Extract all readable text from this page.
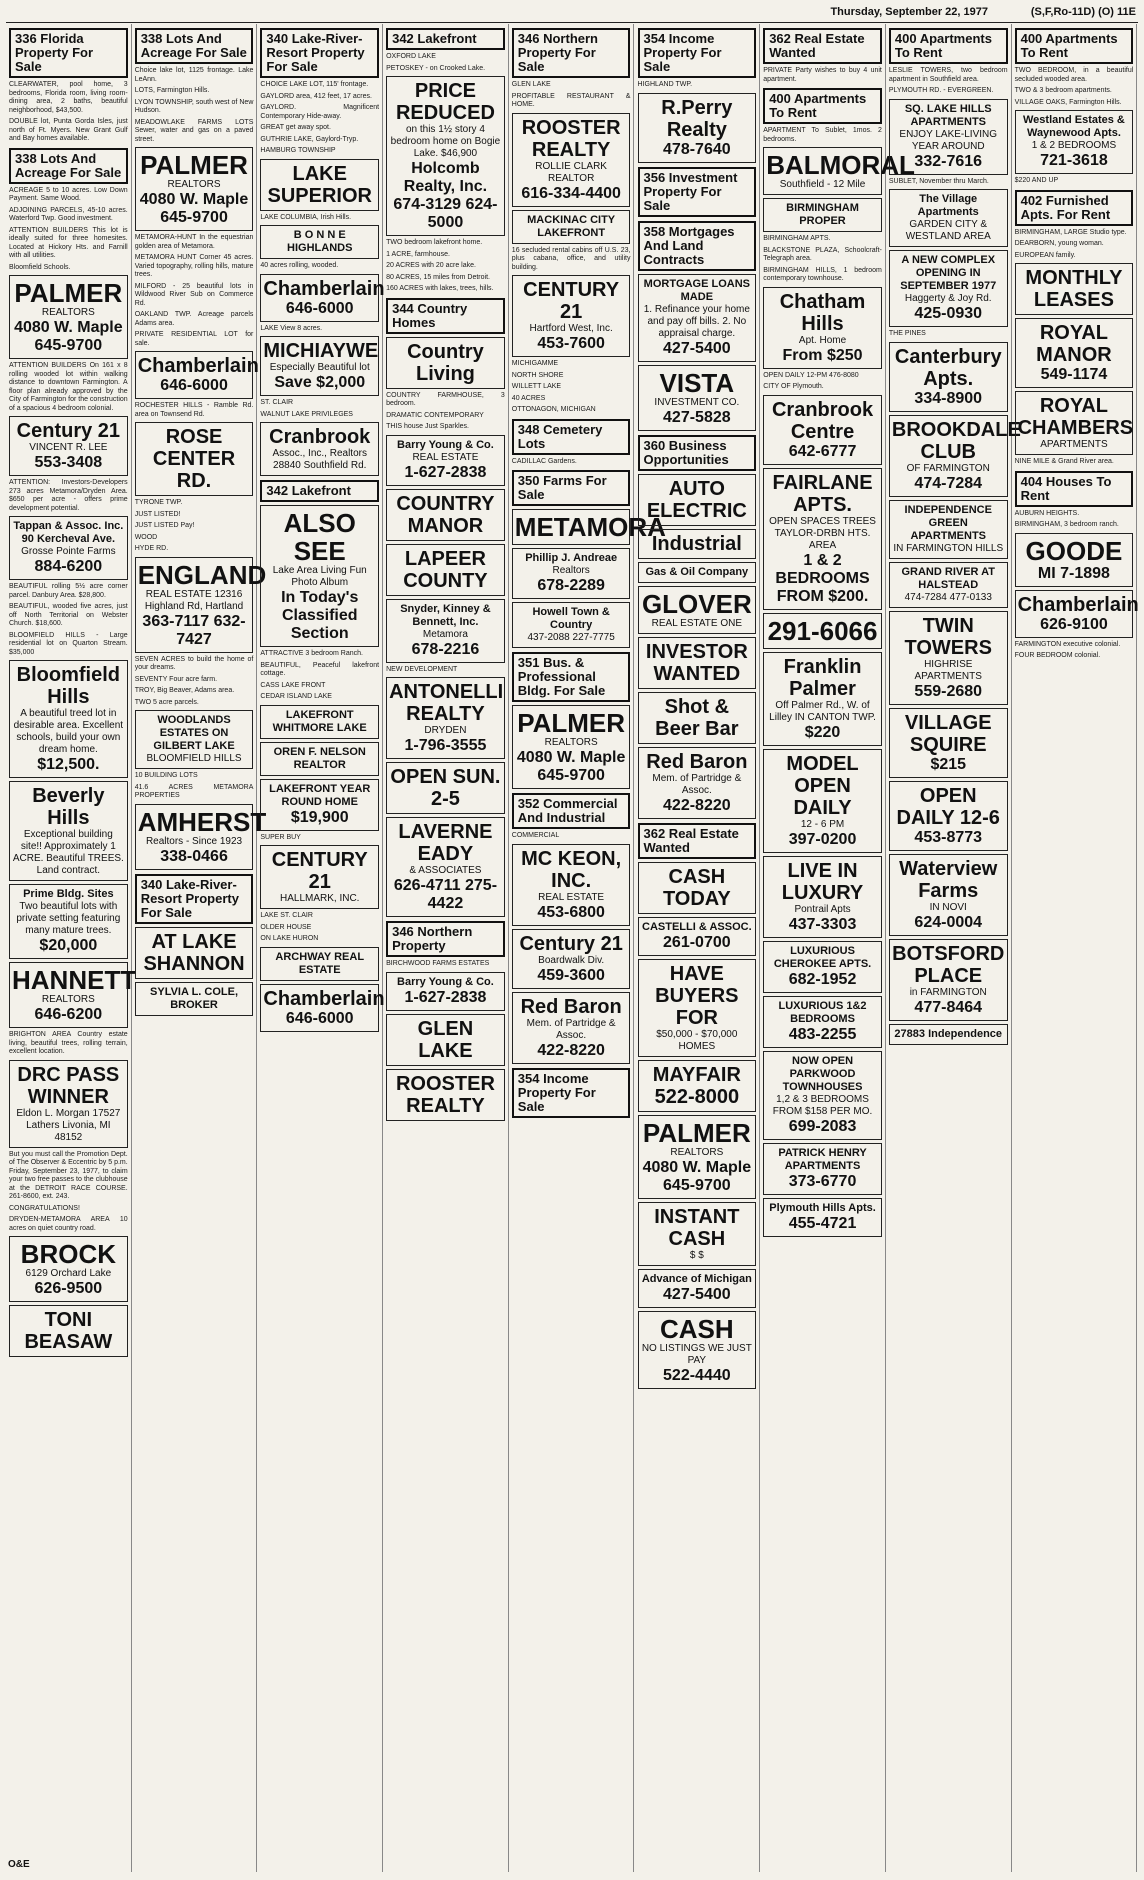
Thursday, September 22, 1977	(S,F,Ro-11D) (O) 11E
336 Florida Property For Sale
CLEARWATER, pool home, 3 bedrooms, Florida room, living room-dining area, 2 baths, beautiful neighborhood, $43,500.
DOUBLE lot, Punta Gorda Isles, just north of Ft. Myers. New Grant Gulf and Bay homes available.
338 Lots And Acreage For Sale
ACREAGE 5 to 10 acres. Low Down Payment. Same Wood.
ADJOINING PARCELS, 45-10 acres. Waterford Twp. Good investment.
ATTENTION BUILDERS This lot is ideally suited for three homesites. Located at Hickory Hts. and Farnill with all utilities.
Bloomfield Schools.
PALMER
REALTORS
4080 W. Maple 645-9700
ATTENTION BUILDERS On 161 x 8 rolling wooded lot within walking distance to downtown Farmington. A floor plan already approved by the City of Farmington for the construction of a spacious 4 bedroom colonial.
Century 21
VINCENT R. LEE
553-3408
ATTENTION: Investors-Developers 273 acres Metamora/Dryden Area. $650 per acre - offers prime development potential.
Tappan & Assoc. Inc. 90 Kercheval Ave.
Grosse Pointe Farms
884-6200
BEAUTIFUL rolling 5½ acre corner parcel. Danbury Area. $28,800.
BEAUTIFUL, wooded five acres, just off North Territorial on Webster Church. $18,600.
BLOOMFIELD HILLS - Large residential lot on Quarton Stream. $35,000
Bloomfield Hills
A beautiful treed lot in desirable area. Excellent schools, build your own dream home.
$12,500.
Beverly Hills
Exceptional building site!! Approximately 1 ACRE. Beautiful TREES. Land contract.
Prime Bldg. Sites
Two beautiful lots with private setting featuring many mature trees.
$20,000
HANNETT
REALTORS
646-6200
BRIGHTON AREA Country estate living, beautiful trees, rolling terrain, excellent location.
DRC PASS WINNER
Eldon L. Morgan 17527 Lathers Livonia, MI 48152
But you must call the Promotion Dept. of The Observer & Eccentric by 5 p.m. Friday, September 23, 1977, to claim your two free passes to the clubhouse at the DETROIT RACE COURSE. 261-8600, ext. 243.
CONGRATULATIONS!
DRYDEN-METAMORA AREA 10 acres on quiet country road.
BROCK
6129 Orchard Lake
626-9500
TONI BEASAW
338 Lots And Acreage For Sale
Choice lake lot, 1125 frontage. Lake LeAnn.
LOTS, Farmington Hills.
LYON TOWNSHIP, south west of New Hudson.
MEADOWLAKE FARMS LOTS Sewer, water and gas on a paved street.
PALMER
REALTORS
4080 W. Maple 645-9700
METAMORA-HUNT In the equestrian golden area of Metamora.
METAMORA HUNT Corner 45 acres. Varied topography, rolling hills, mature trees.
MILFORD - 25 beautiful lots in Wildwood River Sub on Commerce Rd.
OAKLAND TWP. Acreage parcels Adams area.
PRIVATE RESIDENTIAL LOT for sale.
Chamberlain
646-6000
ROCHESTER HILLS - Ramble Rd. area on Townsend Rd.
ROSE CENTER RD.
TYRONE TWP.
JUST LISTED!
JUST LISTED Pay!
WOOD
HYDE RD.
ENGLAND
REAL ESTATE 12316 Highland Rd, Hartland
363-7117 632-7427
SEVEN ACRES to build the home of your dreams.
SEVENTY Four acre farm.
TROY, Big Beaver, Adams area.
TWO 5 acre parcels.
WOODLANDS ESTATES ON GILBERT LAKE
BLOOMFIELD HILLS
10 BUILDING LOTS
41.6 ACRES METAMORA PROPERTIES
AMHERST
Realtors - Since 1923
338-0466
340 Lake-River-Resort Property For Sale
AT LAKE SHANNON
SYLVIA L. COLE, BROKER
340 Lake-River-Resort Property For Sale
CHOICE LAKE LOT, 115' frontage.
GAYLORD area, 412 feet, 17 acres.
GAYLORD. Magnificent Contemporary Hide-away.
GREAT get away spot.
GUTHRIE LAKE, Gaylord-Tryp.
HAMBURG TOWNSHIP
LAKE SUPERIOR
LAKE COLUMBIA, Irish Hills.
B O N N E HIGHLANDS
40 acres rolling, wooded.
Chamberlain
646-6000
LAKE View 8 acres.
MICHIAYWE
Especially Beautiful lot
Save $2,000
ST. CLAIR
WALNUT LAKE PRIVILEGES
Cranbrook
Assoc., Inc., Realtors 28840 Southfield Rd.
342 Lakefront
ALSO SEE
Lake Area Living Fun Photo Album
In Today's Classified Section
ATTRACTIVE 3 bedroom Ranch.
BEAUTIFUL, Peaceful lakefront cottage.
CASS LAKE FRONT
CEDAR ISLAND LAKE
LAKEFRONT WHITMORE LAKE
OREN F. NELSON REALTOR
LAKEFRONT YEAR ROUND HOME
$19,900
SUPER BUY
CENTURY 21
HALLMARK, INC.
LAKE ST. CLAIR
OLDER HOUSE
ON LAKE HURON
ARCHWAY REAL ESTATE
Chamberlain
646-6000
342 Lakefront
OXFORD LAKE
PETOSKEY - on Crooked Lake.
PRICE REDUCED
on this 1½ story 4 bedroom home on Bogie Lake. $46,900
Holcomb Realty, Inc. 674-3129 624-5000
TWO bedroom lakefront home.
1 ACRE, farmhouse.
20 ACRES with 20 acre lake.
80 ACRES, 15 miles from Detroit.
160 ACRES with lakes, trees, hills.
344 Country Homes
Country Living
COUNTRY FARMHOUSE, 3 bedroom.
DRAMATIC CONTEMPORARY
THIS house Just Sparkles.
Barry Young & Co.
REAL ESTATE
1-627-2838
COUNTRY MANOR
LAPEER COUNTY
Snyder, Kinney & Bennett, Inc.
Metamora
678-2216
NEW DEVELOPMENT
ANTONELLI REALTY
DRYDEN
1-796-3555
OPEN SUN. 2-5
LAVERNE EADY
& ASSOCIATES
626-4711 275-4422
346 Northern Property
BIRCHWOOD FARMS ESTATES
Barry Young & Co.
1-627-2838
GLEN LAKE
ROOSTER REALTY
346 Northern Property For Sale
GLEN LAKE
PROFITABLE RESTAURANT & HOME.
ROOSTER REALTY
ROLLIE CLARK REALTOR
616-334-4400
MACKINAC CITY LAKEFRONT
16 secluded rental cabins off U.S. 23, plus cabana, office, and utility building.
CENTURY 21
Hartford West, Inc.
453-7600
MICHIGAMME
NORTH SHORE
WILLETT LAKE
40 ACRES
OTTONAGON, MICHIGAN
348 Cemetery Lots
CADILLAC Gardens.
350 Farms For Sale
METAMORA
Phillip J. Andreae
Realtors
678-2289
Howell Town & Country
437-2088 227-7775
351 Bus. & Professional Bldg. For Sale
PALMER
REALTORS
4080 W. Maple 645-9700
352 Commercial And Industrial
COMMERCIAL
MC KEON, INC.
REAL ESTATE
453-6800
Century 21
Boardwalk Div.
459-3600
Red Baron
Mem. of Partridge & Assoc.
422-8220
354 Income Property For Sale
354 Income Property For Sale
HIGHLAND TWP.
R.Perry Realty
478-7640
356 Investment Property For Sale
358 Mortgages And Land Contracts
MORTGAGE LOANS MADE
1. Refinance your home and pay off bills. 2. No appraisal charge.
427-5400
VISTA
INVESTMENT CO.
427-5828
360 Business Opportunities
AUTO ELECTRIC
Industrial
Gas & Oil Company
GLOVER
REAL ESTATE ONE
INVESTOR WANTED
Shot & Beer Bar
Red Baron
Mem. of Partridge & Assoc.
422-8220
362 Real Estate Wanted
CASH TODAY
CASTELLI & ASSOC.
261-0700
HAVE BUYERS FOR
$50,000 - $70,000 HOMES
MAYFAIR 522-8000
PALMER
REALTORS
4080 W. Maple 645-9700
INSTANT CASH
$ $
Advance of Michigan
427-5400
CASH
NO LISTINGS WE JUST PAY
522-4440
362 Real Estate Wanted
PRIVATE Party wishes to buy 4 unit apartment.
400 Apartments To Rent
APARTMENT To Sublet, 1mos. 2 bedrooms.
BALMORAL
Southfield - 12 Mile
BIRMINGHAM PROPER
BIRMINGHAM APTS.
BLACKSTONE PLAZA, Schoolcraft-Telegraph area.
BIRMINGHAM HILLS, 1 bedroom contemporary townhouse.
Chatham Hills
Apt. Home
From $250
OPEN DAILY 12-PM 476-8080
CITY OF Plymouth.
Cranbrook Centre
642-6777
FAIRLANE APTS.
OPEN SPACES TREES TAYLOR-DRBN HTS. AREA
1 & 2 BEDROOMS FROM $200.
291-6066
Franklin Palmer
Off Palmer Rd., W. of Lilley IN CANTON TWP.
$220
MODEL OPEN DAILY
12 - 6 PM
397-0200
LIVE IN LUXURY
Pontrail Apts
437-3303
LUXURIOUS CHEROKEE APTS.
682-1952
LUXURIOUS 1&2 BEDROOMS
483-2255
NOW OPEN PARKWOOD TOWNHOUSES
1,2 & 3 BEDROOMS FROM $158 PER MO.
699-2083
PATRICK HENRY APARTMENTS
373-6770
Plymouth Hills Apts.
455-4721
400 Apartments To Rent
LESLIE TOWERS, two bedroom apartment in Southfield area.
PLYMOUTH RD. - EVERGREEN.
SQ. LAKE HILLS APARTMENTS
ENJOY LAKE-LIVING YEAR AROUND
332-7616
SUBLET, November thru March.
The Village Apartments
GARDEN CITY & WESTLAND AREA
A NEW COMPLEX OPENING IN SEPTEMBER 1977
Haggerty & Joy Rd.
425-0930
THE PINES
Canterbury Apts.
334-8900
BROOKDALE CLUB
OF FARMINGTON
474-7284
INDEPENDENCE GREEN APARTMENTS
IN FARMINGTON HILLS
GRAND RIVER AT HALSTEAD
474-7284 477-0133
TWIN TOWERS
HIGHRISE APARTMENTS
559-2680
VILLAGE SQUIRE
$215
OPEN DAILY 12-6
453-8773
Waterview Farms
IN NOVI
624-0004
BOTSFORD PLACE
in FARMINGTON
477-8464
27883 Independence
400 Apartments To Rent
TWO BEDROOM, in a beautiful secluded wooded area.
TWO & 3 bedroom apartments.
VILLAGE OAKS, Farmington Hills.
Westland Estates & Waynewood Apts.
1 & 2 BEDROOMS
721-3618
$220 AND UP
402 Furnished Apts. For Rent
BIRMINGHAM, LARGE Studio type.
DEARBORN, young woman.
EUROPEAN family.
MONTHLY LEASES
ROYAL MANOR
549-1174
ROYAL CHAMBERS
APARTMENTS
NINE MILE & Grand River area.
404 Houses To Rent
AUBURN HEIGHTS.
BIRMINGHAM, 3 bedroom ranch.
GOODE
MI 7-1898
Chamberlain
626-9100
FARMINGTON executive colonial.
FOUR BEDROOM colonial.
O&E
